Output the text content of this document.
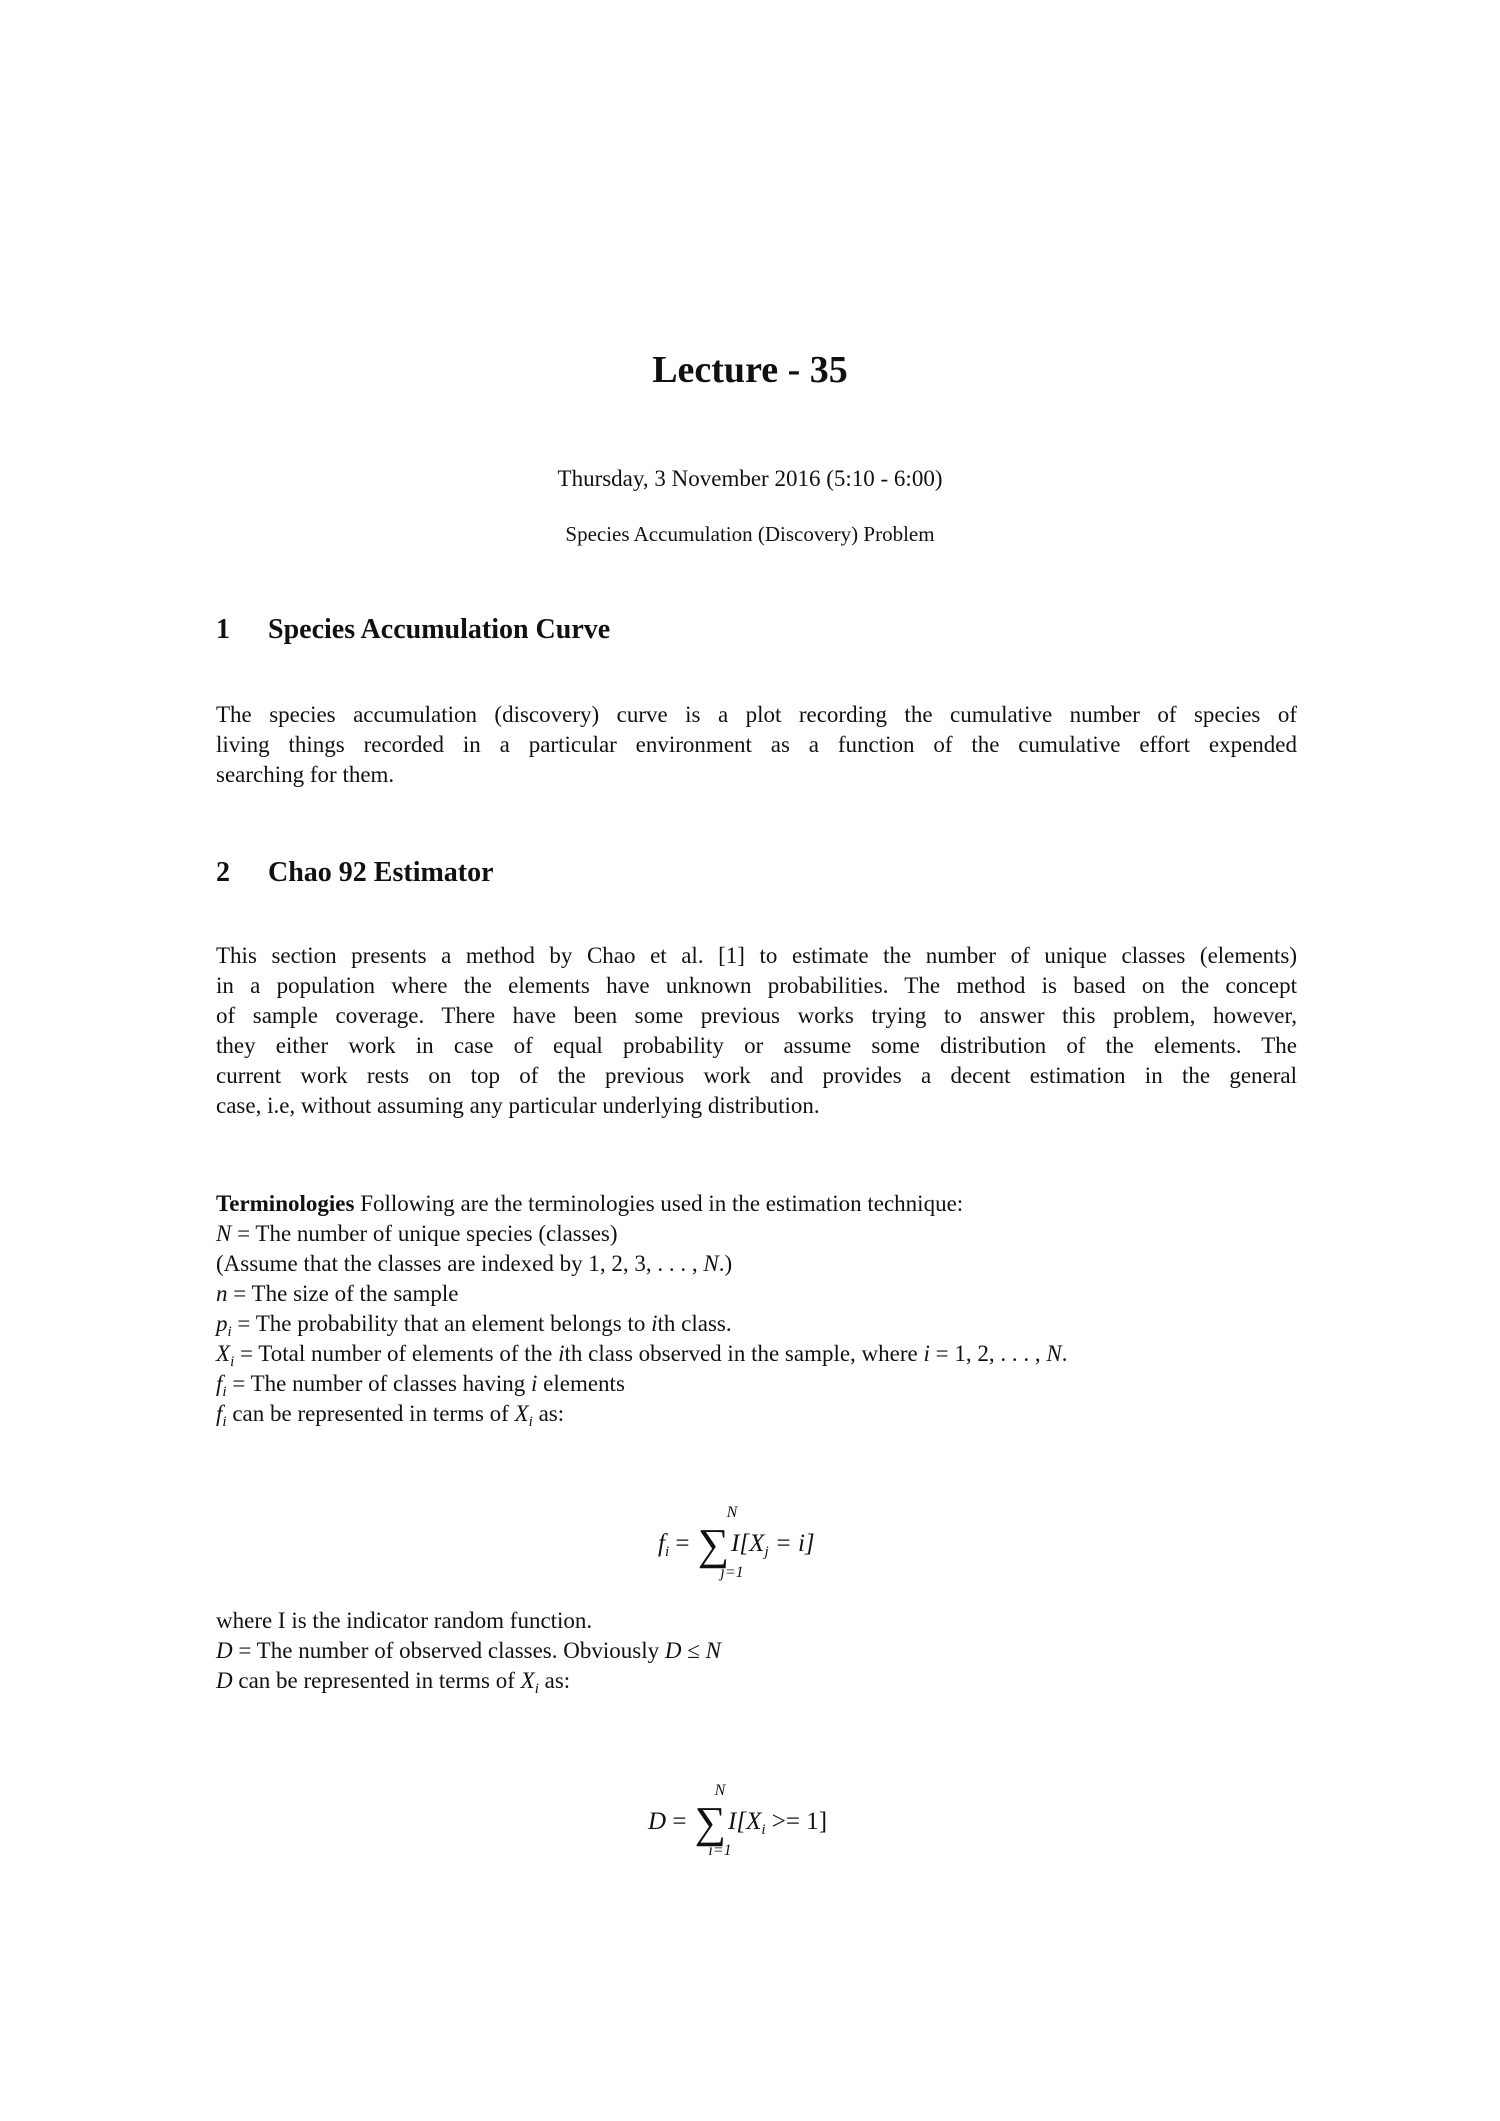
Lecture - 35
Thursday, 3 November 2016 (5:10 - 6:00)
Species Accumulation (Discovery) Problem
1 Species Accumulation Curve
The species accumulation (discovery) curve is a plot recording the cumulative number of species of
living things recorded in a particular environment as a function of the cumulative effort expended
searching for them.
2 Chao 92 Estimator
This section presents a method by Chao et al. [1] to estimate the number of unique classes (elements)
in a population where the elements have unknown probabilities. The method is based on the concept
of sample coverage. There have been some previous works trying to answer this problem, however,
they either work in case of equal probability or assume some distribution of the elements. The
current work rests on top of the previous work and provides a decent estimation in the general
case, i.e, without assuming any particular underlying distribution.
Terminologies Following are the terminologies used in the estimation technique:
N = The number of unique species (classes)
(Assume that the classes are indexed by 1, 2, 3, . . . , N.)
n = The size of the sample
$p_i$ = The probability that an element belongs to ith class.
$X_i$ = Total number of elements of the ith class observed in the sample, where i = 1, 2, . . . , N.
$f_i$ = The number of classes having i elements
$f_i$ can be represented in terms of $X_i$ as:
$f_i = \sum I[X_j = i]$
N
j=1
where I is the indicator random function.
D = The number of observed classes. Obviously D ≤ N
D can be represented in terms of $X_i$ as:
$D = \sum I[X_i >= 1]$
N
i=1
